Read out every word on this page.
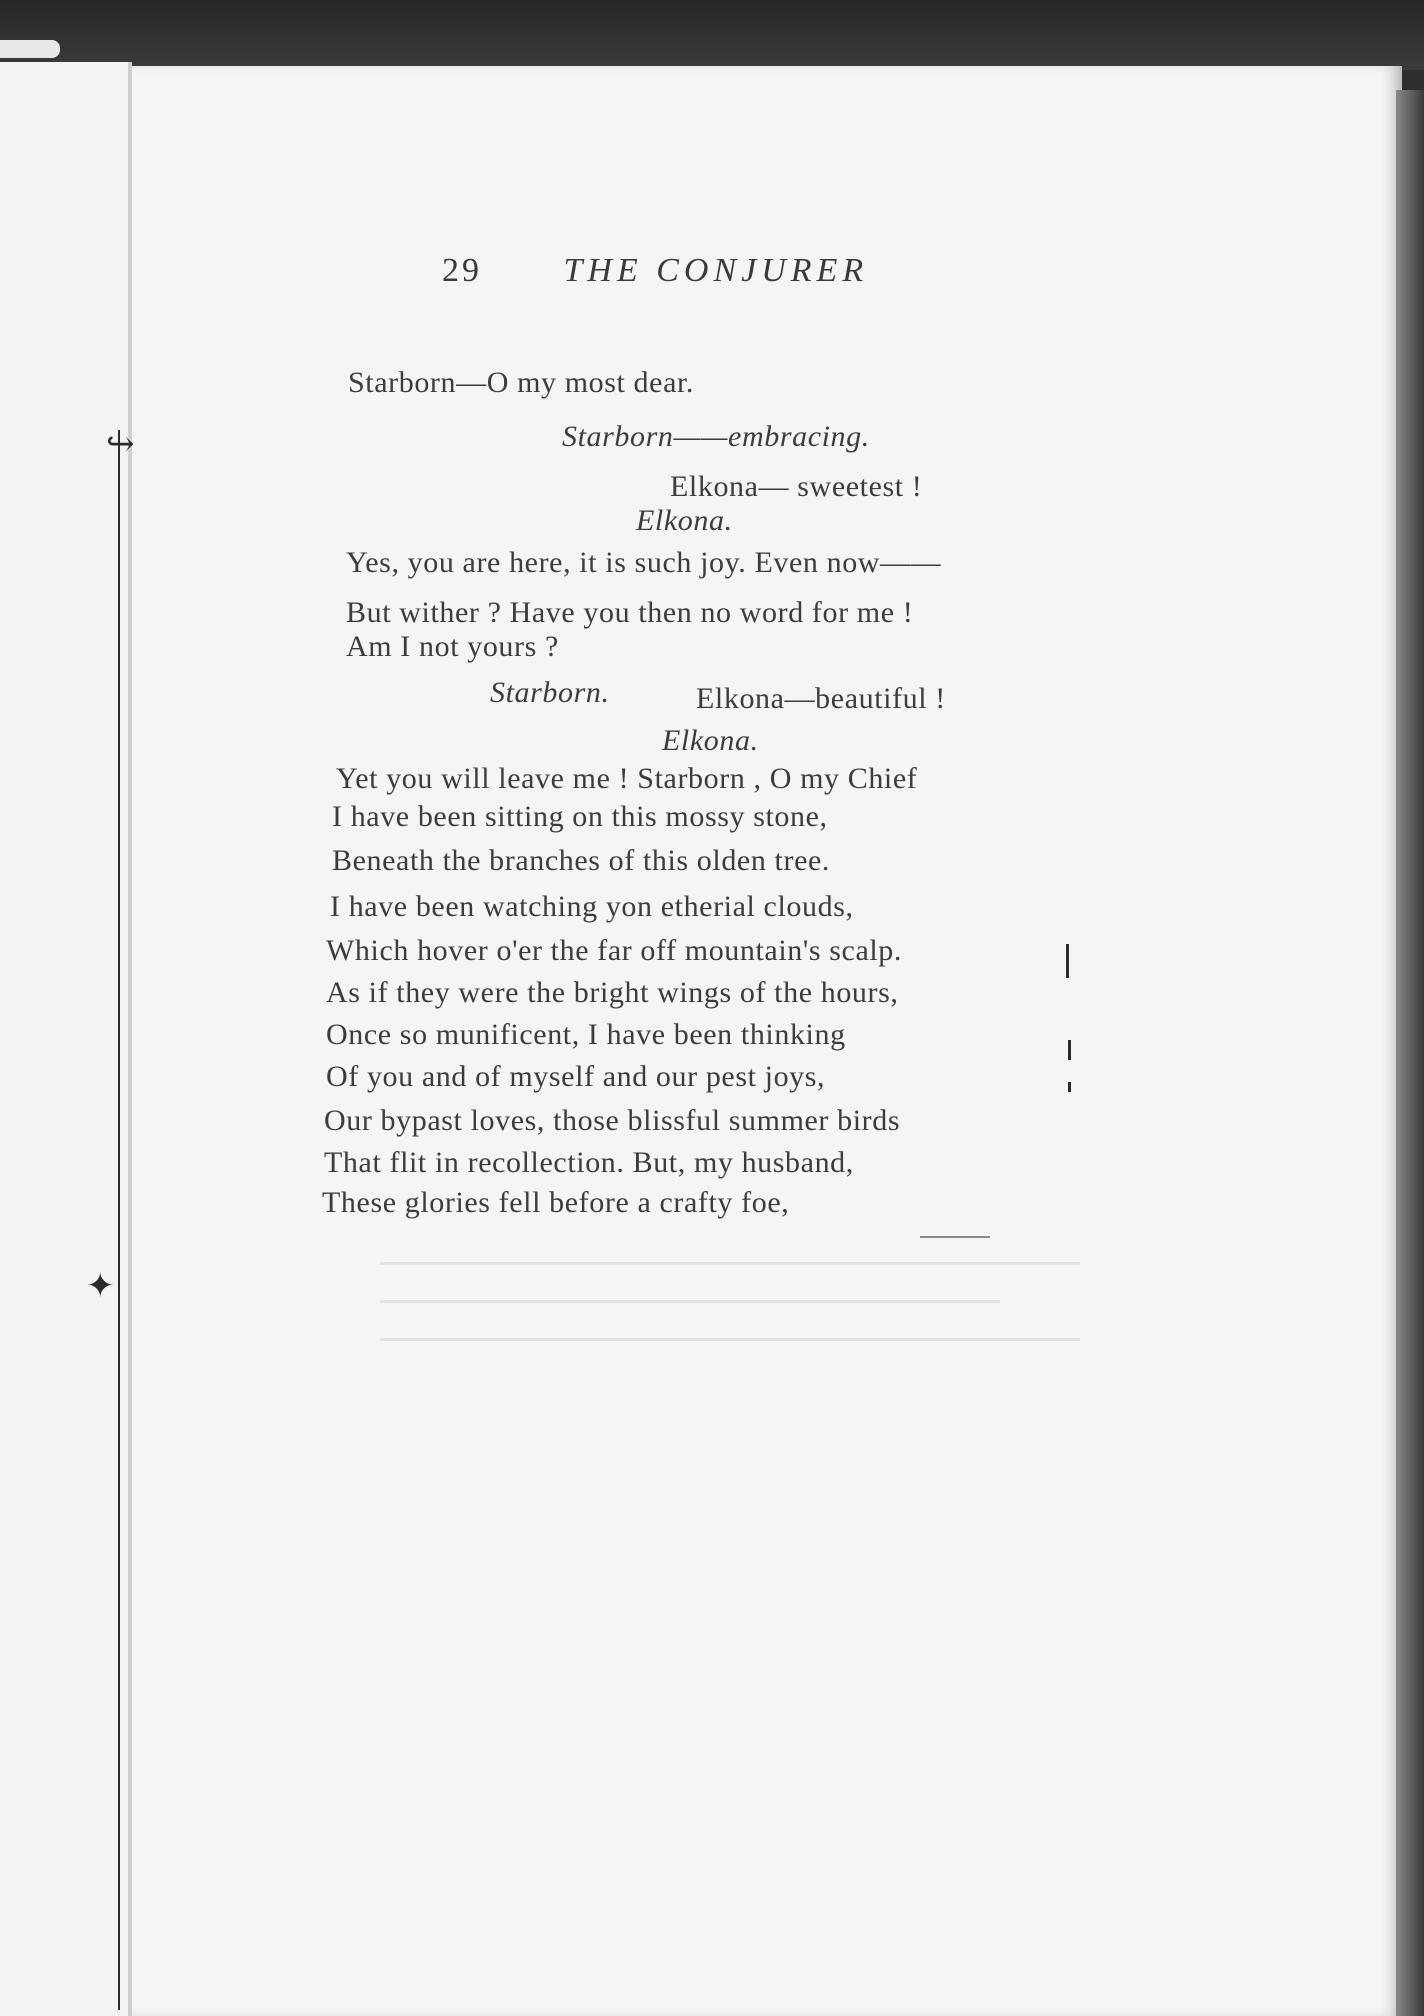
↪
✦
29 THE CONJURER
Starborn—O my most dear.
Starborn——embracing.
Elkona— sweetest !
Elkona.
Yes, you are here, it is such joy. Even now——
But wither ? Have you then no word for me !
Am I not yours ?
Starborn.	Elkona—beautiful !
Elkona.
Yet you will leave me ! Starborn , O my Chief
I have been sitting on this mossy stone,
Beneath the branches of this olden tree.
I have been watching yon etherial clouds,
Which hover o'er the far off mountain's scalp.
As if they were the bright wings of the hours,
Once so munificent, I have been thinking
Of you and of myself and our pest joys,
Our bypast loves, those blissful summer birds
That flit in recollection. But, my husband,
These glories fell before a crafty foe,
